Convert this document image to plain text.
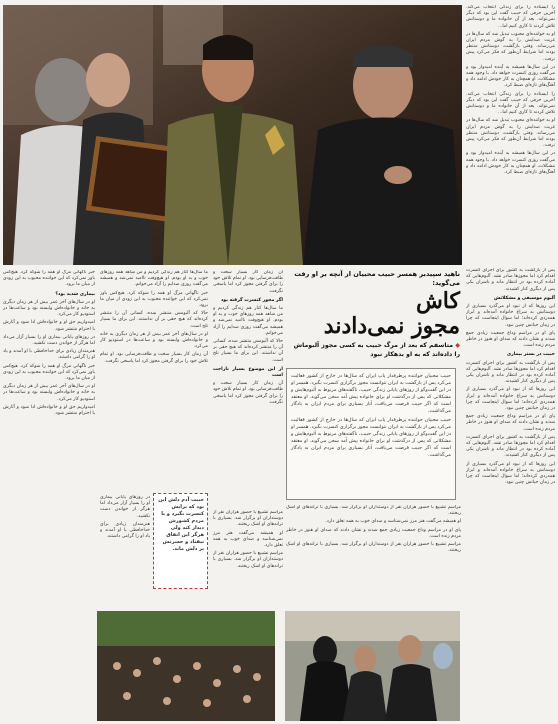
را ایستاده را برای زندگی انتخاب می‌کند. آخرین حرفی که حبیب گفت این بود که دیگر نمی‌تواند. بعد از آن خانواده ما و دوستانش تلاش کردند تا کاری کنیم اما...

او به خواننده‌ای محبوب تبدیل شد که سال‌ها در غربت صدایش را به گوش مردم ایران می‌رساند. وقتی بازگشت، دوستانش منتظر بودند اما شرایط آن‌طور که فکر می‌کرد پیش نرفت.

در این سال‌ها همیشه به آینده امیدوار بود و می‌گفت روزی کنسرت خواهد داد. با وجود همه مشکلات، او همچنان به کار خودش ادامه داد و آهنگ‌های تازه‌ای ضبط کرد.

را ایستاده را برای زندگی انتخاب می‌کند. آخرین حرفی که حبیب گفت این بود که دیگر نمی‌تواند. بعد از آن خانواده ما و دوستانش تلاش کردند تا کاری کنیم اما...

او به خواننده‌ای محبوب تبدیل شد که سال‌ها در غربت صدایش را به گوش مردم ایران می‌رساند. وقتی بازگشت، دوستانش منتظر بودند اما شرایط آن‌طور که فکر می‌کرد پیش نرفت.

در این سال‌ها همیشه به آینده امیدوار بود و می‌گفت روزی کنسرت خواهد داد. با وجود همه مشکلات، او همچنان به کار خودش ادامه داد و آهنگ‌های تازه‌ای ضبط کرد.

پس از بازگشت به کشور برای اجرای کنسرت اقدام کرد اما مجوزها صادر نشد. آلبوم‌هایی که آماده کرده بود در انتظار ماند و ناشران یکی پس از دیگری کنار کشیدند.

آلبوم موسیقی و مشکلاتش

این روزها که از نبود او می‌گذرد بسیاری از دوستانش به سراغ خانواده آمده‌اند و ابراز همدردی کرده‌اند؛ اما سوال اینجاست که چرا در زمان حیاتش چنین نبود.

پای او در مراسم وداع جمعیت زیادی جمع شدند و نشان دادند که صدای او هنوز در خاطر مردم زنده است.

حبیب در بستر بیماری

پس از بازگشت به کشور برای اجرای کنسرت اقدام کرد اما مجوزها صادر نشد. آلبوم‌هایی که آماده کرده بود در انتظار ماند و ناشران یکی پس از دیگری کنار کشیدند.

این روزها که از نبود او می‌گذرد بسیاری از دوستانش به سراغ خانواده آمده‌اند و ابراز همدردی کرده‌اند؛ اما سوال اینجاست که چرا در زمان حیاتش چنین نبود.

پای او در مراسم وداع جمعیت زیادی جمع شدند و نشان دادند که صدای او هنوز در خاطر مردم زنده است.

پس از بازگشت به کشور برای اجرای کنسرت اقدام کرد اما مجوزها صادر نشد. آلبوم‌هایی که آماده کرده بود در انتظار ماند و ناشران یکی پس از دیگری کنار کشیدند.

این روزها که از نبود او می‌گذرد بسیاری از دوستانش به سراغ خانواده آمده‌اند و ابراز همدردی کرده‌اند؛ اما سوال اینجاست که چرا در زمان حیاتش چنین نبود.

ناهید سپیدبر همسر حبیب محبیان از آنچه بر او رفت می‌گوید:
کاش
مجوز نمی‌دادند
◆ متاسفم که بعد از مرگ حبیب به کسی مجوز آلبوماش را داده‌اند که به او بدهکار نبود

حبیب محبیان خواننده پرطرفدار پاپ ایران که سال‌ها در خارج از کشور فعالیت می‌کرد پس از بازگشت به ایران نتوانست مجوز برگزاری کنسرت بگیرد. همسر او در این گفت‌وگو از روزهای پایانی زندگی حبیب، ناگفته‌های مربوط به آلبوم‌هایش و مشکلاتی که پس از درگذشت او برای خانواده پیش آمد سخن می‌گوید. او معتقد است که اگر حبیب فرصت می‌یافت، آثار بسیاری برای مردم ایران به یادگار می‌گذاشت.

حبیب محبیان خواننده پرطرفدار پاپ ایران که سال‌ها در خارج از کشور فعالیت می‌کرد پس از بازگشت به ایران نتوانست مجوز برگزاری کنسرت بگیرد. همسر او در این گفت‌وگو از روزهای پایانی زندگی حبیب، ناگفته‌های مربوط به آلبوم‌هایش و مشکلاتی که پس از درگذشت او برای خانواده پیش آمد سخن می‌گوید. او معتقد است که اگر حبیب فرصت می‌یافت، آثار بسیاری برای مردم ایران به یادگار می‌گذاشت.

آن زمان کار بسیار سخت و طاقت‌فرسایی بود. او تمام تلاش خود را برای گرفتن مجوز کرد اما پاسخی نگرفت.

اگر مجوز کنسرت گرفته بود

ما سال‌ها کنار هم زندگی کردیم و من شاهد همه روزهای خوب و بد او بودم. او هیچ‌وقت ناامید نمی‌شد و همیشه می‌گفت روزی صدایم را آزاد می‌خوانم.

حالا که آلبومش منتشر شده، کسانی آن را منتشر کرده‌اند که هیچ حقی بر آن نداشتند. این برای ما بسیار تلخ است.

از این موضوع بسیار ناراحت است

آن زمان کار بسیار سخت و طاقت‌فرسایی بود. او تمام تلاش خود را برای گرفتن مجوز کرد اما پاسخی نگرفت.

ما سال‌ها کنار هم زندگی کردیم و من شاهد همه روزهای خوب و بد او بودم. او هیچ‌وقت ناامید نمی‌شد و همیشه می‌گفت روزی صدایم را آزاد می‌خوانم.

خبر ناگهانی مرگ او همه را شوکه کرد. هیچ‌کس باور نمی‌کرد که این خواننده محبوب به این زودی از میان ما برود.

حالا که آلبومش منتشر شده، کسانی آن را منتشر کرده‌اند که هیچ حقی بر آن نداشتند. این برای ما بسیار تلخ است.

او در سال‌های آخر عمر بیش از هر زمان دیگری به خانه و خانواده‌اش وابسته بود و ساعت‌ها در استودیو کار می‌کرد.

آن زمان کار بسیار سخت و طاقت‌فرسایی بود. او تمام تلاش خود را برای گرفتن مجوز کرد اما پاسخی نگرفت.

خبر ناگهانی مرگ او همه را شوکه کرد. هیچ‌کس باور نمی‌کرد که این خواننده محبوب به این زودی از میان ما برود.

بیماری شدید بود؟

او در سال‌های آخر عمر بیش از هر زمان دیگری به خانه و خانواده‌اش وابسته بود و ساعت‌ها در استودیو کار می‌کرد.

امیدواریم حق او و خانواده‌اش ادا شود و آثارش با احترام منتشر شود.

در روزهای پایانی بیماری او را بسیار آزار می‌داد اما هرگز از خواندن دست نکشید.

هنرمندان زیادی برای خداحافظی با او آمدند و یاد او را گرامی داشتند.

خبر ناگهانی مرگ او همه را شوکه کرد. هیچ‌کس باور نمی‌کرد که این خواننده محبوب به این زودی از میان ما برود.

او در سال‌های آخر عمر بیش از هر زمان دیگری به خانه و خانواده‌اش وابسته بود و ساعت‌ها در استودیو کار می‌کرد.

امیدواریم حق او و خانواده‌اش ادا شود و آثارش با احترام منتشر شود.

حبیب آدم دلش این بود که برایش کنسرت بگیرد و با مردم کشورش دیدار کند ولی هرگز این اتفاق نیفتاد و حسرتش بر دلش ماند.

مراسم تشییع با حضور هزاران نفر از دوستداران او برگزار شد. بسیاری با ترانه‌های او اشک ریختند.

او همیشه می‌گفت هنر مرز نمی‌شناسد و صدای خوب به همه تعلق دارد.

مراسم تشییع با حضور هزاران نفر از دوستداران او برگزار شد. بسیاری با ترانه‌های او اشک ریختند.

در روزهای پایانی بیماری او را بسیار آزار می‌داد اما هرگز از خواندن دست نکشید.

هنرمندان زیادی برای خداحافظی با او آمدند و یاد او را گرامی داشتند.

مراسم تشییع با حضور هزاران نفر از دوستداران او برگزار شد. بسیاری با ترانه‌های او اشک ریختند.

او همیشه می‌گفت هنر مرز نمی‌شناسد و صدای خوب به همه تعلق دارد.

پای او در مراسم وداع جمعیت زیادی جمع شدند و نشان دادند که صدای او هنوز در خاطر مردم زنده است.

مراسم تشییع با حضور هزاران نفر از دوستداران او برگزار شد. بسیاری با ترانه‌های او اشک ریختند.
